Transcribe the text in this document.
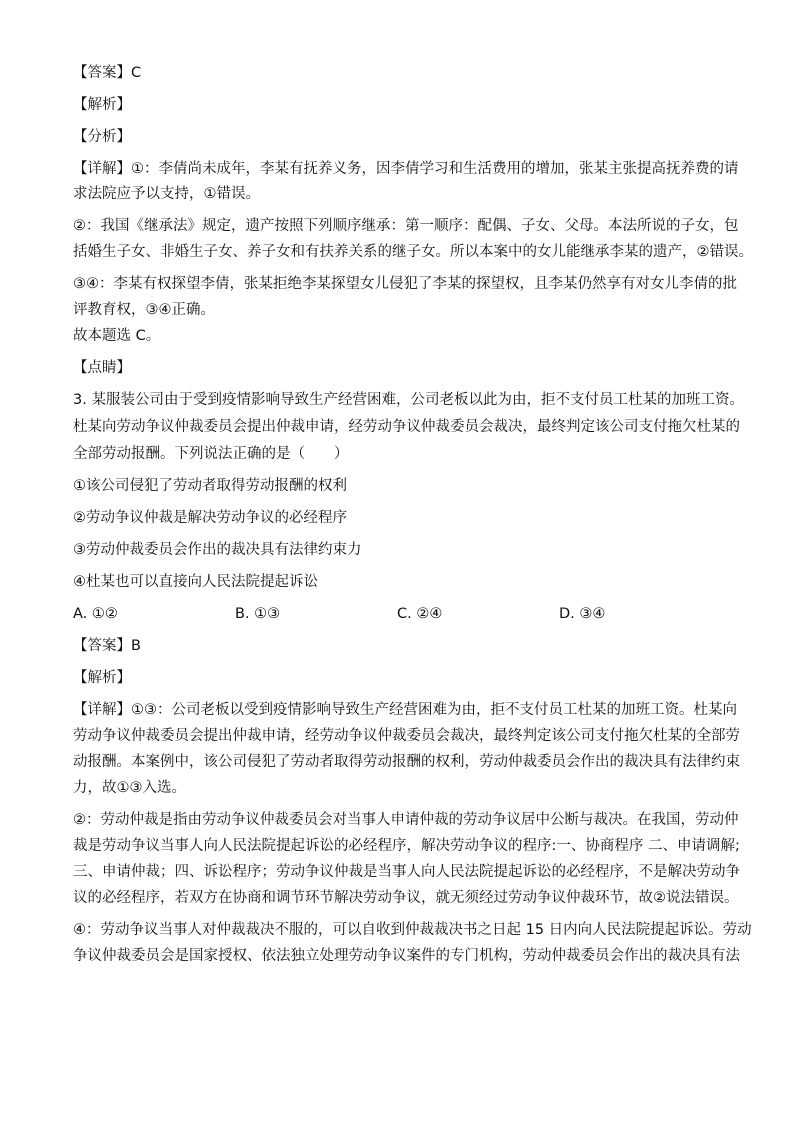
【答案】C

【解析】

【分析】

【详解】①：李倩尚未成年，李某有抚养义务，因李倩学习和生活费用的增加，张某主张提高抚养费的请

求法院应予以支持，①错误。

②：我国《继承法》规定，遗产按照下列顺序继承：第一顺序：配偶、子女、父母。本法所说的子女，包

括婚生子女、非婚生子女、养子女和有扶养关系的继子女。所以本案中的女儿能继承李某的遗产，②错误。

③④：李某有权探望李倩，张某拒绝李某探望女儿侵犯了李某的探望权，且李某仍然享有对女儿李倩的批

评教育权，③④正确。

故本题选 C。

【点睛】

3. 某服装公司由于受到疫情影响导致生产经营困难，公司老板以此为由，拒不支付员工杜某的加班工资。

杜某向劳动争议仲裁委员会提出仲裁申请，经劳动争议仲裁委员会裁决，最终判定该公司支付拖欠杜某的

全部劳动报酬。下列说法正确的是（　　）

①该公司侵犯了劳动者取得劳动报酬的权利

②劳动争议仲裁是解决劳动争议的必经程序

③劳动仲裁委员会作出的裁决具有法律约束力

④杜某也可以直接向人民法院提起诉讼

A. ①②	B. ①③	C. ②④	D. ③④

【答案】B

【解析】

【详解】①③：公司老板以受到疫情影响导致生产经营困难为由，拒不支付员工杜某的加班工资。杜某向

劳动争议仲裁委员会提出仲裁申请，经劳动争议仲裁委员会裁决，最终判定该公司支付拖欠杜某的全部劳

动报酬。本案例中，该公司侵犯了劳动者取得劳动报酬的权利，劳动仲裁委员会作出的裁决具有法律约束

力，故①③入选。

②：劳动仲裁是指由劳动争议仲裁委员会对当事人申请仲裁的劳动争议居中公断与裁决。在我国，劳动仲

裁是劳动争议当事人向人民法院提起诉讼的必经程序，解决劳动争议的程序:一、协商程序 二、申请调解;

三、申请仲裁；四、诉讼程序；劳动争议仲裁是当事人向人民法院提起诉讼的必经程序，不是解决劳动争

议的必经程序，若双方在协商和调节环节解决劳动争议，就无须经过劳动争议仲裁环节，故②说法错误。

④：劳动争议当事人对仲裁裁决不服的，可以自收到仲裁裁决书之日起 15 日内向人民法院提起诉讼。劳动

争议仲裁委员会是国家授权、依法独立处理劳动争议案件的专门机构，劳动仲裁委员会作出的裁决具有法
